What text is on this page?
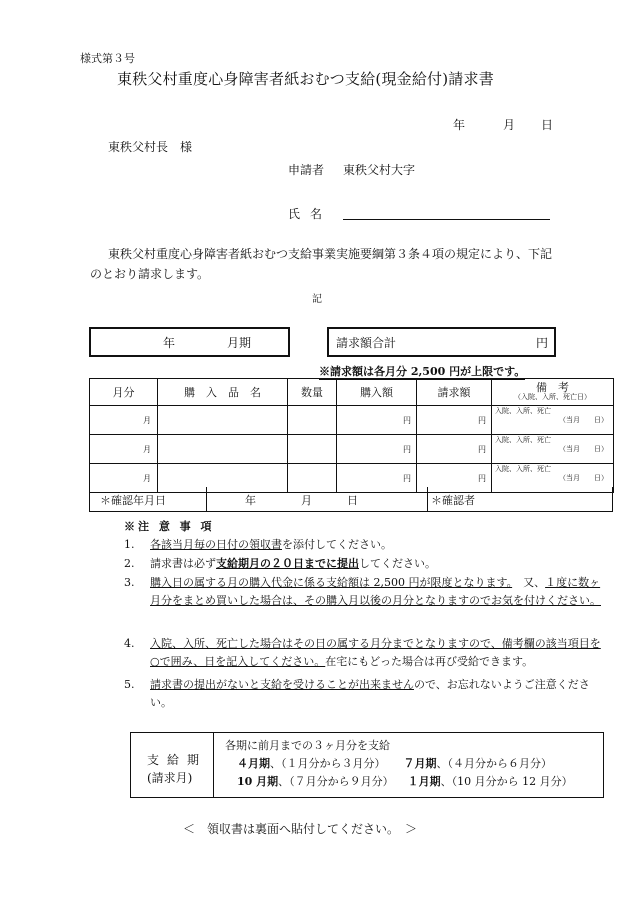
様式第３号
東秩父村重度心身障害者紙おむつ支給(現金給付)請求書
年	月 日
東秩父村長　様
申請者 東秩父村大字
氏名
東秩父村重度心身障害者紙おむつ支給事業実施要綱第３条４項の規定により、下記のとおり請求します。
記
年	月期	請求額合計	円
※請求額は各月分 2,500 円が上限です。
月分	購　入　品　名	数量	購入額	請求額	備　考
（入院、入所、死亡日）

月			円	円	入院、入所、死亡
（当月　　日）

月			円	円	入院、入所、死亡
（当月　　日）

月			円	円	入院、入所、死亡
（当月　　日）
＊確認年月日	年	月	日	＊確認者
※注 意 事 項
1. 各該当月毎の日付の領収書を添付してください。
2. 請求書は必ず支給期月の２０日までに提出してください。
3. 購入日の属する月の購入代金に係る支給額は 2,500 円が限度となります。　 又、１度に数ヶ月分をまとめ買いした場合は、その購入月以後の月分となりますのでお気を付けください。
4. 入院、入所、死亡した場合はその日の属する月分までとなりますので、備考欄の該当項目を○で囲み、日を記入してください。在宅にもどった場合は再び受給できます。
5. 請求書の提出がないと支給を受けることが出来ませんので、お忘れないようご注意ください。
支給期
(請求月)
各期に前月までの３ヶ月分を支給
４月期、（１月分から３月分） ７月期、（４月分から６月分）
10 月期、（７月分から９月分） １月期、（10 月分から 12 月分）
＜　領収書は裏面へ貼付してください。　＞
